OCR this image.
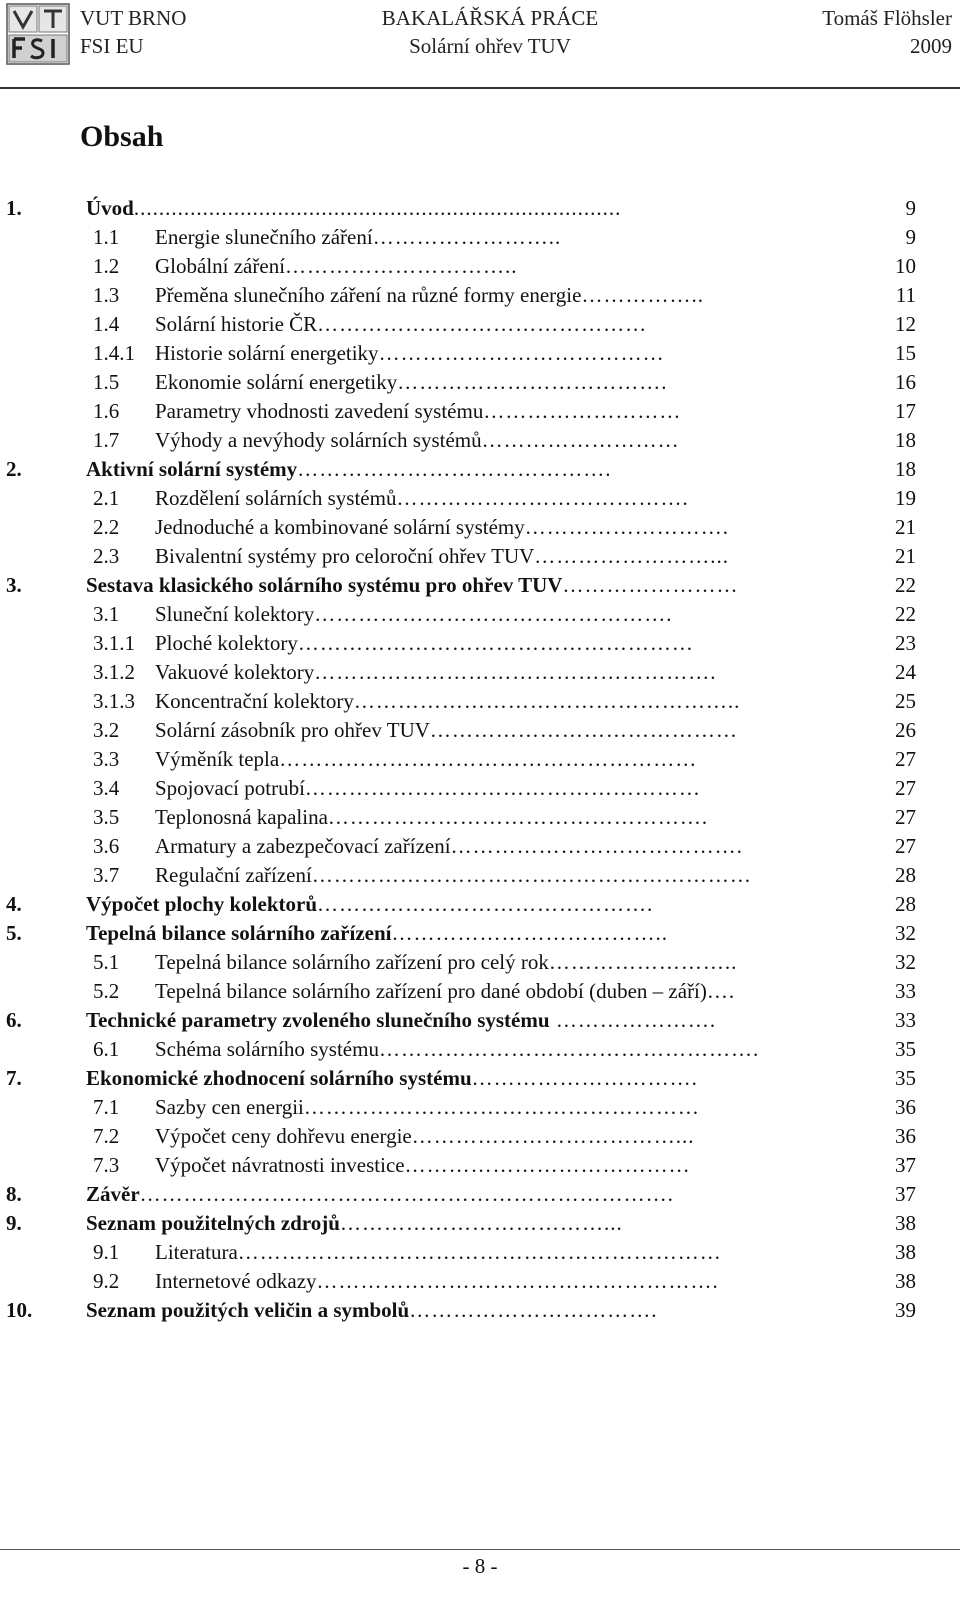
VUT BRNO
FSI EU
BAKALÁŘSKÁ PRÁCE
Solární ohřev TUV
Tomáš Flöhsler
2009
Obsah
1.	Úvod..............................................................................	9
1.1 Energie slunečního záření……………………..	9
1.2 Globální záření…………………………..	10
1.3 Přeměna slunečního záření na různé formy energie……………..	11
1.4 Solární historie ČR………………………………………	12
1.4.1 Historie solární energetiky…………………………………	15
1.5 Ekonomie solární energetiky……………………………….	16
1.6 Parametry vhodnosti zavedení systému………………………	17
1.7 Výhody a nevýhody solárních systémů………………………	18
2.	Aktivní solární systémy…………………………………….	18
2.1 Rozdělení solárních systémů………………………………….	19
2.2 Jednoduché a kombinované solární systémy……………………….	21
2.3 Bivalentní systémy pro celoroční ohřev TUV……………………...	21
3.	Sestava klasického solárního systému pro ohřev TUV……………………	22
3.1 Sluneční kolektory………………………………………….	22
3.1.1 Ploché kolektory………………………………………………	23
3.1.2 Vakuové kolektory……………………………………………….	24
3.1.3 Koncentrační kolektory……………………………………………..	25
3.2 Solární zásobník pro ohřev TUV……………………………………	26
3.3 Výměník tepla…………………………………………………	27
3.4 Spojovací potrubí………………………………………………	27
3.5 Teplonosná kapalina…………………………………………….	27
3.6 Armatury a zabezpečovací zařízení………………………………….	27
3.7 Regulační zařízení……………………………………………………	28
4.	Výpočet plochy kolektorů……………………………………….	28
5.	Tepelná bilance solárního zařízení………………………………..	32
5.1 Tepelná bilance solárního zařízení pro celý rok……………………..	32
5.2 Tepelná bilance solárního zařízení pro dané období (duben – září)….	33
6.	Technické parametry zvoleného slunečního systému ………………….	33
6.1 Schéma solárního systému…………………………………………….	35
7.	Ekonomické zhodnocení solárního systému………………………….	35
7.1 Sazby cen energii………………………………………………	36
7.2 Výpočet ceny dohřevu energie………………………………...	36
7.3 Výpočet návratnosti investice…………………………………	37
8.	Závěr……………………………………………………………….	37
9.	Seznam použitelných zdrojů………………………………...	38
9.1 Literatura…………………………………………………………	38
9.2 Internetové odkazy……………………………………………….	38
10.	Seznam použitých veličin a symbolů…………………………….	39
- 8 -
